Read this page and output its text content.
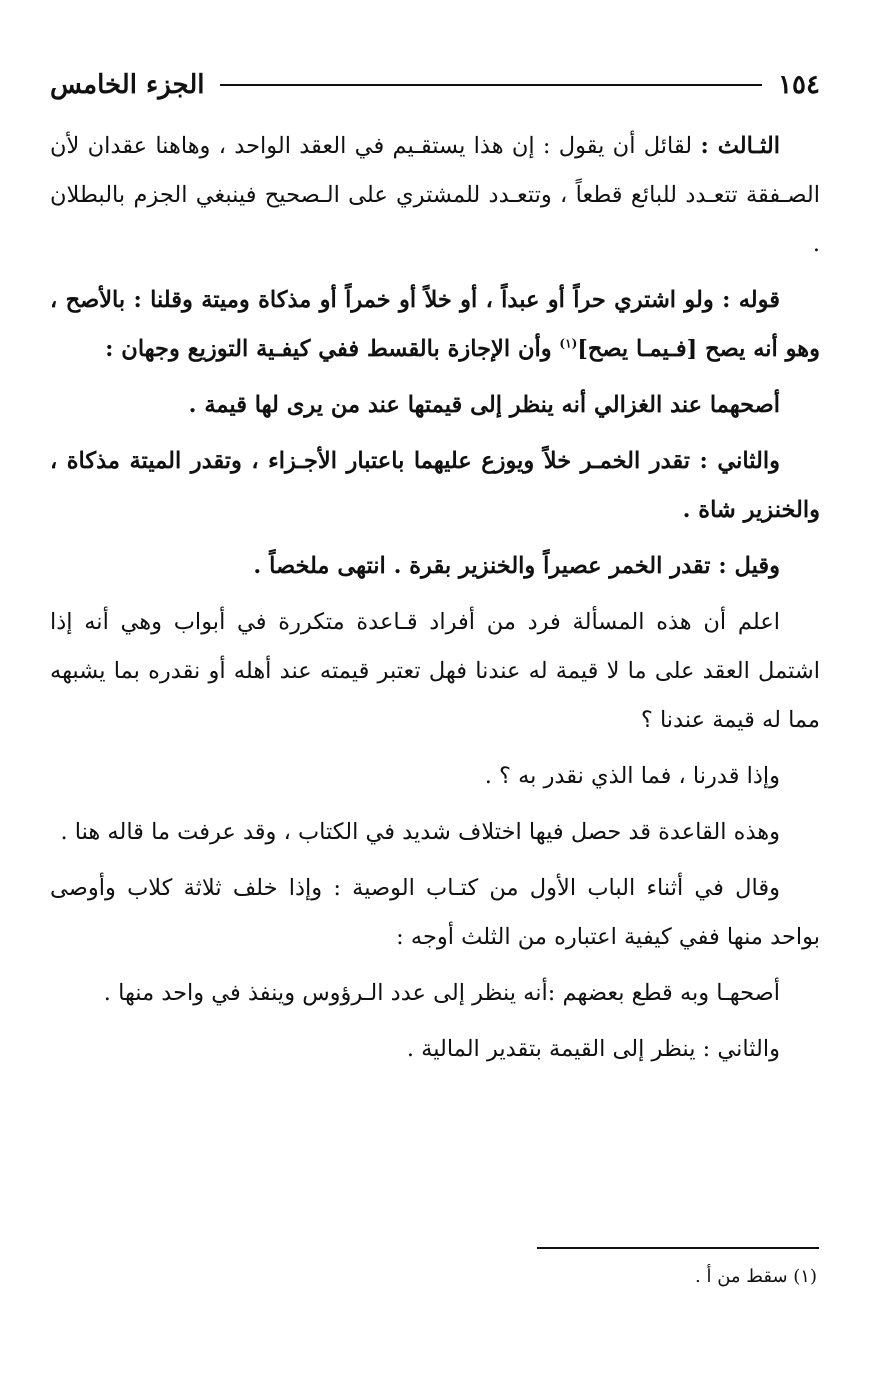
١٥٤
الجزء الخامس

الثـالث : لقائل أن يقول : إن هذا يستقـيم في العقد الواحد ، وهاهنا عقدان لأن الصـفقة تتعـدد للبائع قطعاً ، وتتعـدد للمشتري على الـصحيح فينبغي الجزم بالبطلان .

قوله : ولو اشتري حراً أو عبداً ، أو خلاً أو خمراً أو مذكاة وميتة وقلنا : بالأصح ، وهو أنه يصح [فـيمـا يصح]$^{(١)}$ وأن الإجازة بالقسط ففي كيفـية التوزيع وجهان :

أصحهما عند الغزالي أنه ينظر إلى قيمتها عند من يرى لها قيمة .

والثاني : تقدر الخمـر خلاً ويوزع عليهما باعتبار الأجـزاء ، وتقدر الميتة مذكاة ، والخنزير شاة .

وقيل : تقدر الخمر عصيراً والخنزير بقرة . انتهى ملخصاً .

اعلم أن هذه المسألة فرد من أفراد قـاعدة متكررة في أبواب وهي أنه إذا اشتمل العقد على ما لا قيمة له عندنا فهل تعتبر قيمته عند أهله أو نقدره بما يشبهه مما له قيمة عندنا ؟

وإذا قدرنا ، فما الذي نقدر به ؟ .

وهذه القاعدة قد حصل فيها اختلاف شديد في الكتاب ، وقد عرفت ما قاله هنا .

وقال في أثناء الباب الأول من كتـاب الوصية : وإذا خلف ثلاثة كلاب وأوصى بواحد منها ففي كيفية اعتباره من الثلث أوجه :

أصحهـا وبه قطع بعضهم :أنه ينظر إلى عدد الـرؤوس وينفذ في واحد منها .

والثاني : ينظر إلى القيمة بتقدير المالية .

(١) سقط من أ .
